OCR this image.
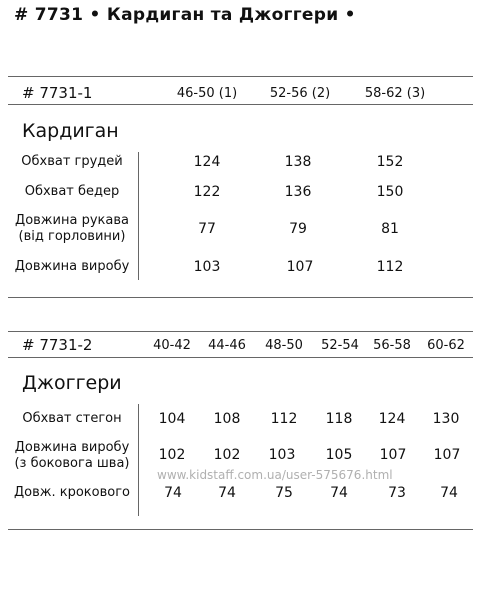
# 7731 • Кардиган та Джоггери •
# 7731-1	46-50 (1)	52-56 (2)	58-62 (3)
Кардиган
Обхват грудей	124	138	152
Обхват бедер	122	136	150
Довжина рукава
(від горловини)	77	79	81
Довжина виробу	103	107	112
# 7731-2	40-42 44-46 48-50 52-54 56-58 60-62
Джоггери
Обхват стегон	104 108 112 118 124 130
Довжина виробу
(з боковога шва)
102 102 103 105 107 107
Довж. крокового 74	74	75	74	73 74
www.kidstaff.com.ua/user-575676.html
